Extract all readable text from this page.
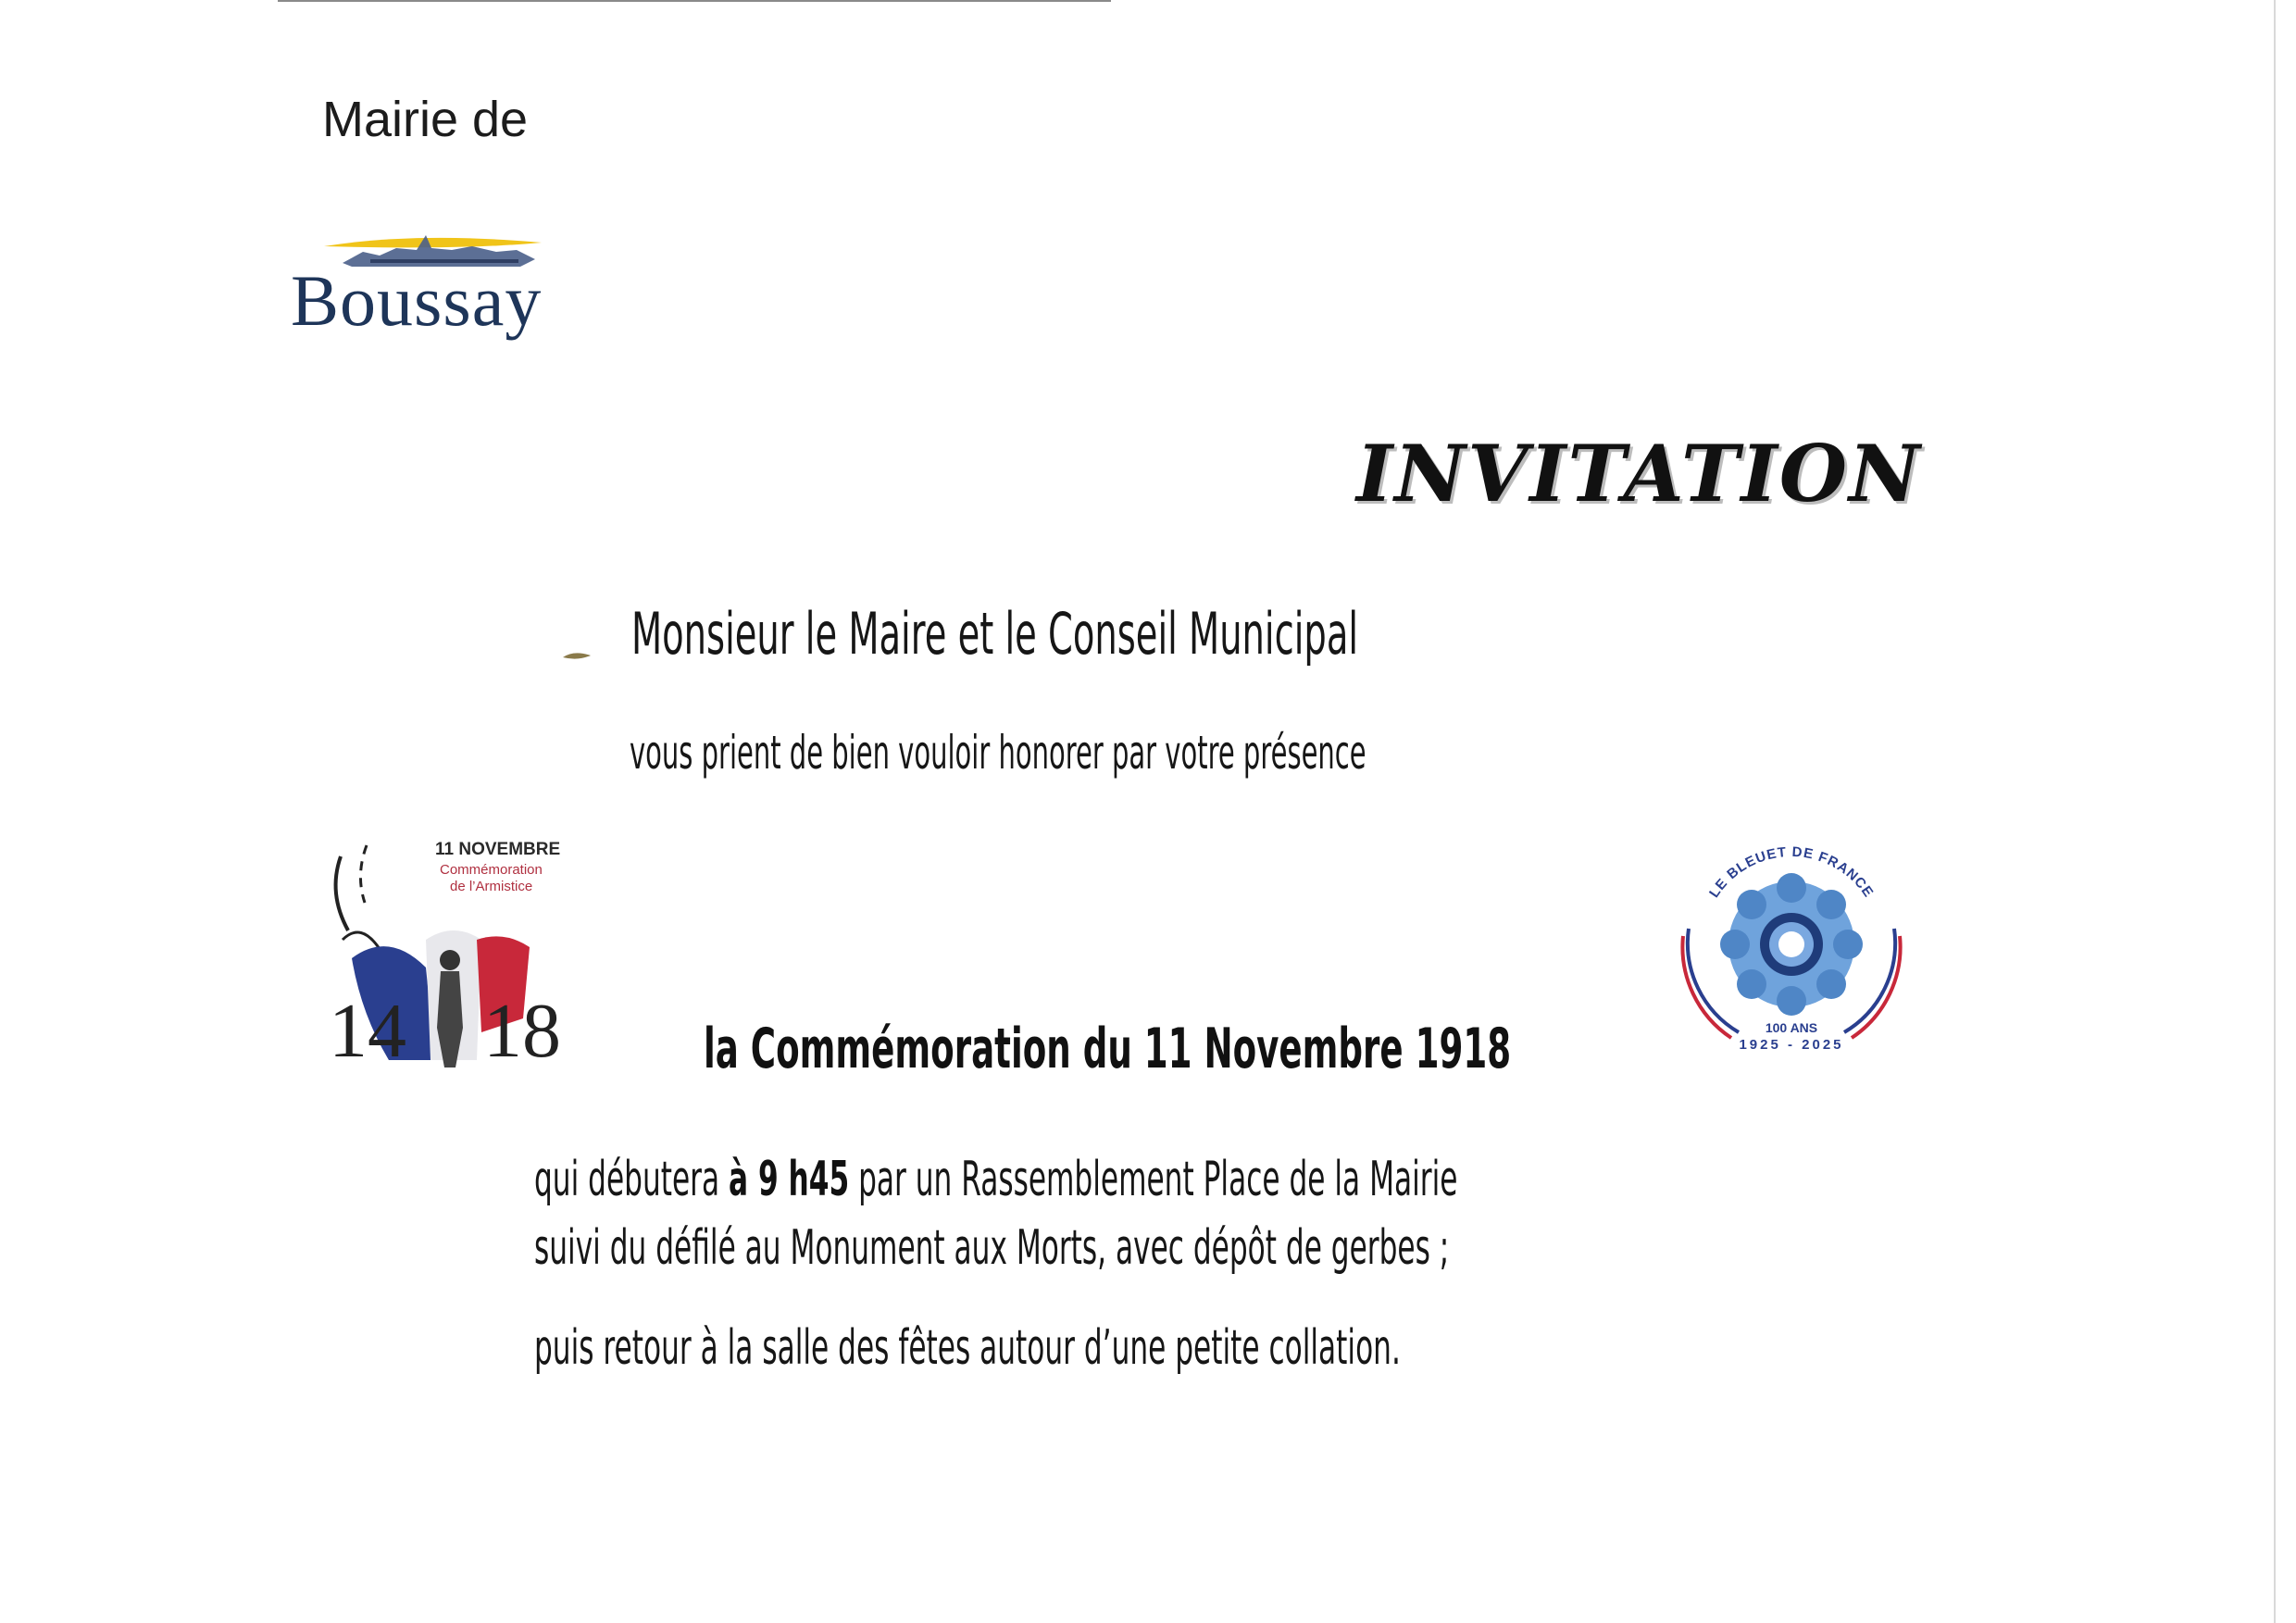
Mairie de

Boussay

INVITATION

Monsieur le Maire et le Conseil Municipal

vous prient de bien vouloir honorer par votre présence

11 NOVEMBRE
Commémoration
de l’Armistice
14 18	la Commémoration du 11 Novembre 1918

LE BLEUET DE FRANCE
100 ANS
1925 - 2025

qui débutera à 9 h45 par un Rassemblement Place de la Mairie

suivi du défilé au Monument aux Morts, avec dépôt de gerbes ;

puis retour à la salle des fêtes autour d’une petite collation.
